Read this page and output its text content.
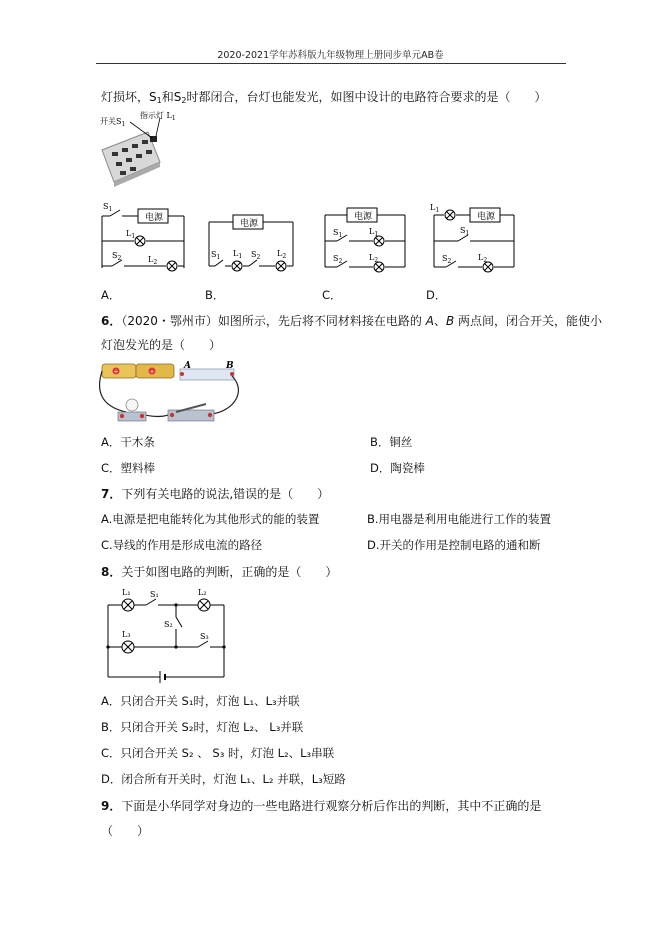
2020-2021学年苏科版九年级物理上册同步单元AB卷
灯损坏，$S_1$和$S_2$时都闭合，台灯也能发光，如图中设计的电路符合要求的是（　　）
开关$S_1$
指示灯 $L_1$
电源
$S_1$
$L_1$
$S_2$	$L_2$
电源
$S_1$ $L_1$ $S_2$ $L_2$
电源
$S_1$	$L_1$
$S_2$	$L_2$
电源
$L_1$
$S_1$
$S_2$	$L_2$
A．	B．	C．	D．
6．（2020・鄂州市）如图所示，先后将不同材料接在电路的 A、B 两点间，闭合开关，能使小
灯泡发光的是（　　）
+	+
A	B
A．干木条	B．铜丝
C．塑料棒	D．陶瓷棒
7．下列有关电路的说法,错误的是（　　）
A.电源是把电能转化为其他形式的能的装置	B.用电器是利用电能进行工作的装置
C.导线的作用是形成电流的路径	D.开关的作用是控制电路的通和断
8．关于如图电路的判断，正确的是（　　）
L₁	L₂
L₃
S₁
S₂
S₃
A．只闭合开关 S₁时，灯泡 L₁、L₃并联
B．只闭合开关 S₂时，灯泡 L₂、 L₃并联
C．只闭合开关 S₂ 、 S₃ 时，灯泡 L₂、L₃串联
D．闭合所有开关时，灯泡 L₁、L₂ 并联，L₃短路
9．下面是小华同学对身边的一些电路进行观察分析后作出的判断，其中不正确的是
（　　）
